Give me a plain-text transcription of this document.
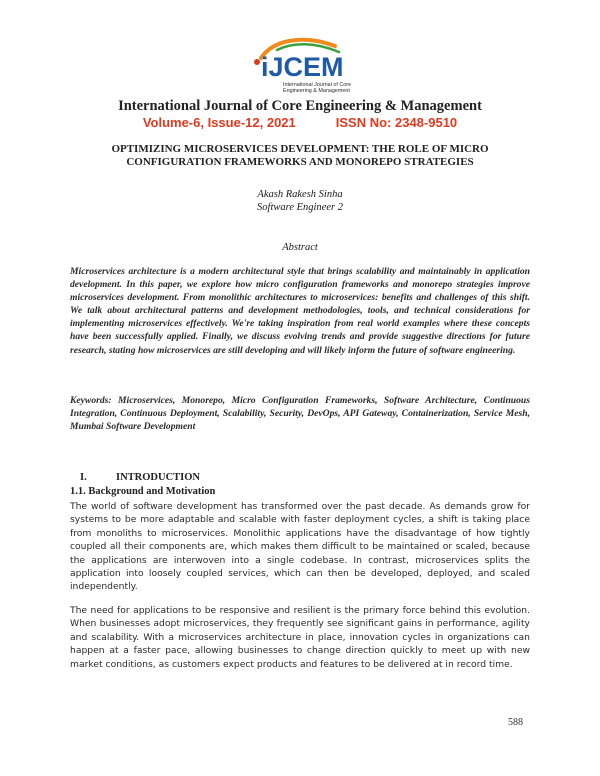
iJCEM
International Journal of Core
Engineering & Management
International Journal of Core Engineering & Management
Volume-6, Issue-12, 2021	ISSN No: 2348-9510
OPTIMIZING MICROSERVICES DEVELOPMENT: THE ROLE OF MICRO
CONFIGURATION FRAMEWORKS AND MONOREPO STRATEGIES
Akash Rakesh Sinha
Software Engineer 2
Abstract
Microservices architecture is a modern architectural style that brings scalability and maintainably in application development. In this paper, we explore how micro configuration frameworks and monorepo strategies improve microservices development. From monolithic architectures to microservices: benefits and challenges of this shift. We talk about architectural patterns and development methodologies, tools, and technical considerations for implementing microservices effectively. We're taking inspiration from real world examples where these concepts have been successfully applied. Finally, we discuss evolving trends and provide suggestive directions for future research, stating how microservices are still developing and will likely inform the future of software engineering.
Keywords: Microservices, Monorepo, Micro Configuration Frameworks, Software Architecture, Continuous Integration, Continuous Deployment, Scalability, Security, DevOps, API Gateway, Containerization, Service Mesh, Mumbai Software Development
I.	INTRODUCTION
1.1. Background and Motivation
The world of software development has transformed over the past decade. As demands grow for systems to be more adaptable and scalable with faster deployment cycles, a shift is taking place from monoliths to microservices. Monolithic applications have the disadvantage of how tightly coupled all their components are, which makes them difficult to be maintained or scaled, because the applications are interwoven into a single codebase. In contrast, microservices splits the application into loosely coupled services, which can then be developed, deployed, and scaled independently.
The need for applications to be responsive and resilient is the primary force behind this evolution. When businesses adopt microservices, they frequently see significant gains in performance, agility and scalability. With a microservices architecture in place, innovation cycles in organizations can happen at a faster pace, allowing businesses to change direction quickly to meet up with new market conditions, as customers expect products and features to be delivered at in record time.
588
